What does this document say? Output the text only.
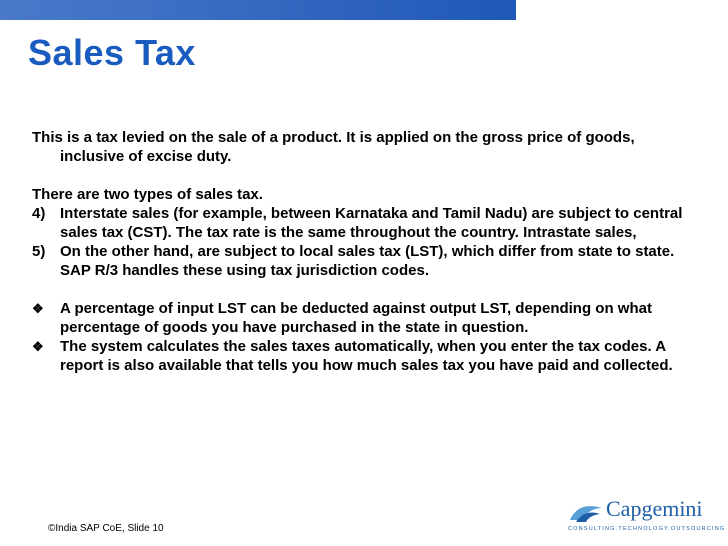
Sales Tax

This is a tax levied on the sale of a product. It is applied on the gross price of goods, inclusive of excise duty.

There are two types of sales tax.

4) Interstate sales (for example, between Karnataka and Tamil Nadu) are subject to central sales tax (CST). The tax rate is the same throughout the country. Intrastate sales,
5) On the other hand, are subject to local sales tax (LST), which differ from state to state. SAP R/3 handles these using tax jurisdiction codes.
❖	A percentage of input LST can be deducted against output LST, depending on what percentage of goods you have purchased in the state in question.
❖	The system calculates the sales taxes automatically, when you enter the tax codes. A report is also available that tells you how much sales tax you have paid and collected.
©India SAP CoE, Slide 10
Capgemini
CONSULTING.TECHNOLOGY.OUTSOURCING
